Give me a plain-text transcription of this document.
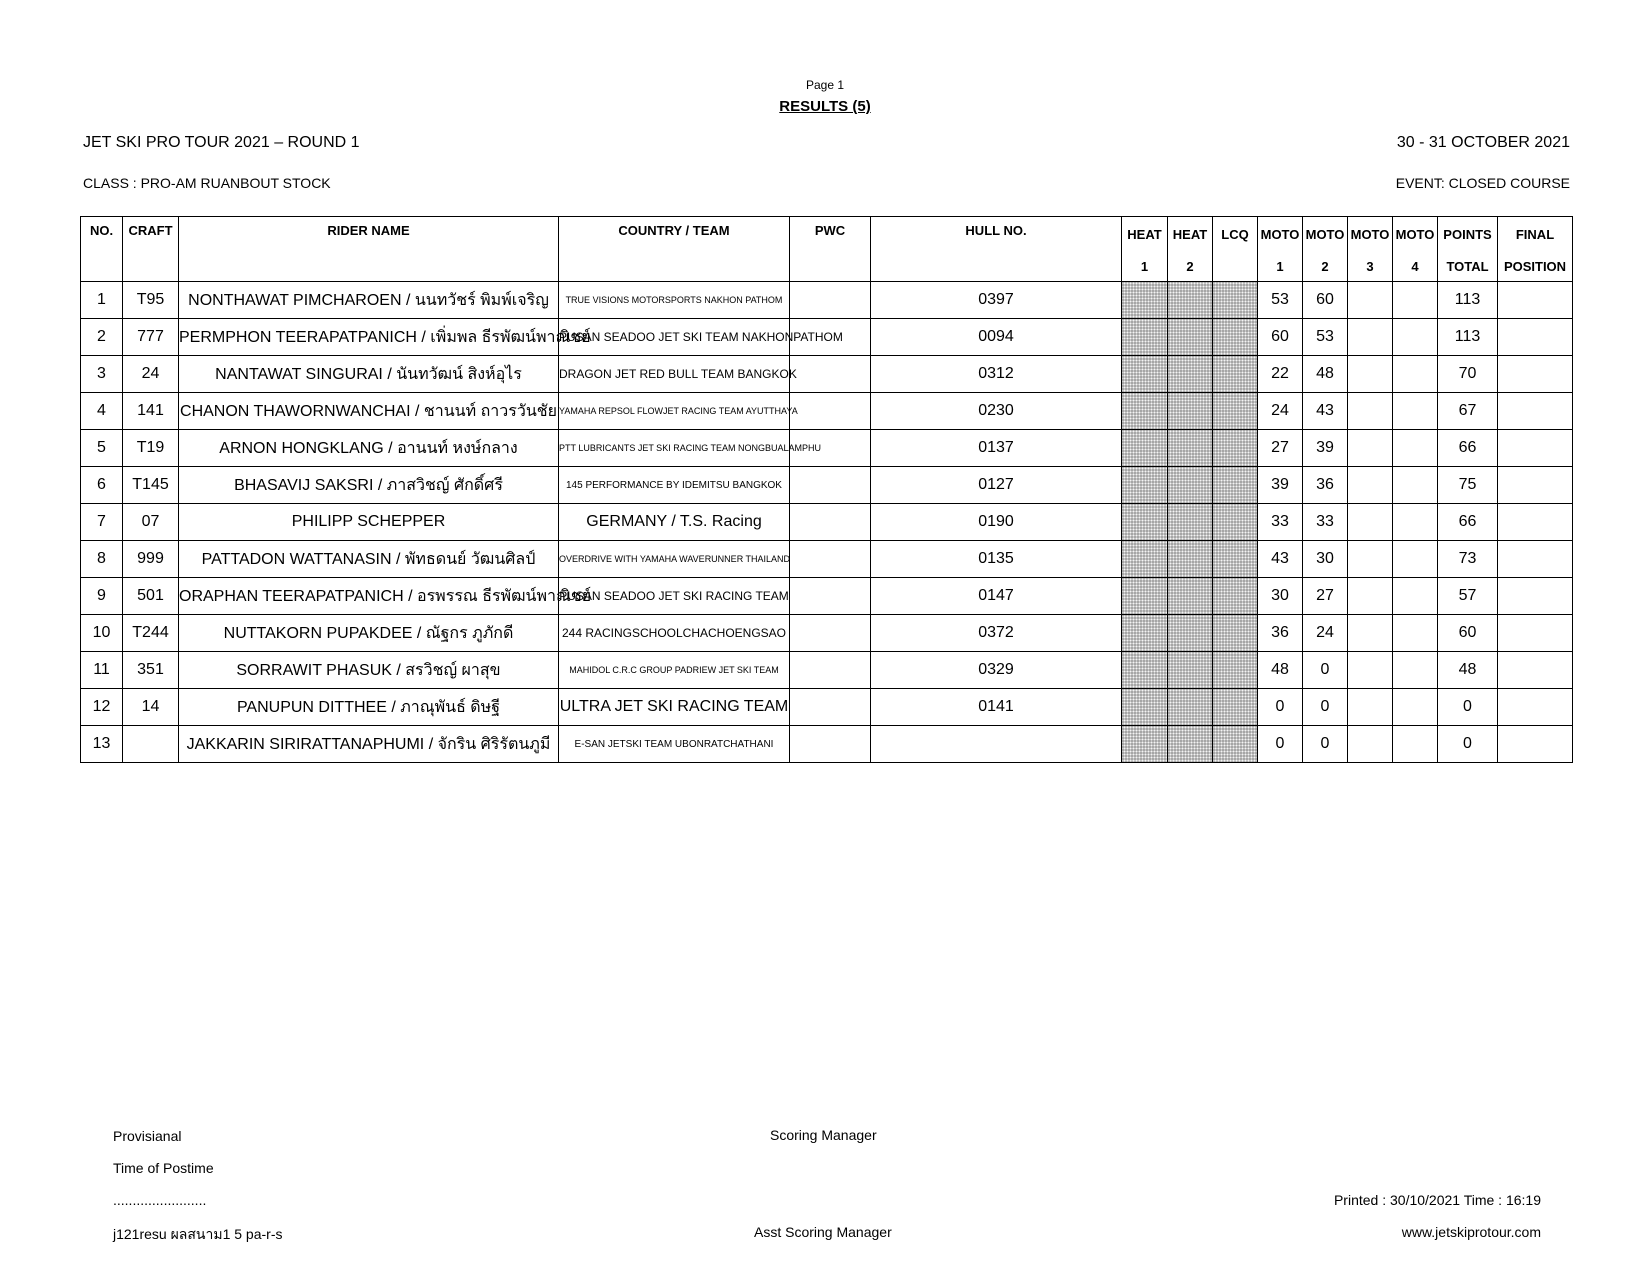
Page 1
RESULTS (5)
JET SKI PRO TOUR 2021 – ROUND 1	30 - 31 OCTOBER 2021
CLASS : PRO-AM RUANBOUT STOCK	EVENT: CLOSED COURSE
NO.	CRAFT	RIDER NAME	COUNTRY / TEAM	PWC	HULL NO.	HEAT	HEAT	LCQ	MOTO	MOTO	MOTO	MOTO	POINTS	FINAL
						1	2		1	2	3	4	TOTAL	POSITION
1	T95	NONTHAWAT PIMCHAROEN / นนทวัชร์ พิมพ์เจริญ	TRUE VISIONS MOTORSPORTS NAKHON PATHOM		0397				53	60			113	
2	777	PERMPHON TEERAPATPANICH / เพิ่มพล ธีรพัฒน์พาณิชย์	PUSAN SEADOO JET SKI TEAM NAKHONPATHOM		0094				60	53			113	
3	24	NANTAWAT SINGURAI / นันทวัฒน์ สิงห์อุไร	DRAGON JET RED BULL TEAM BANGKOK		0312				22	48			70	
4	141	CHANON THAWORNWANCHAI / ชานนท์ ถาวรวันชัย	YAMAHA REPSOL FLOWJET RACING TEAM AYUTTHAYA		0230				24	43			67	
5	T19	ARNON HONGKLANG / อานนท์ หงษ์กลาง	PTT LUBRICANTS JET SKI RACING TEAM NONGBUALAMPHU		0137				27	39			66	
6	T145	BHASAVIJ SAKSRI / ภาสวิชญ์ ศักดิ์ศรี	145 PERFORMANCE BY IDEMITSU BANGKOK		0127				39	36			75	
7	07	PHILIPP SCHEPPER	GERMANY / T.S. Racing		0190				33	33			66	
8	999	PATTADON WATTANASIN / พัทธดนย์ วัฒนศิลป์	OVERDRIVE WITH YAMAHA WAVERUNNER THAILAND		0135				43	30			73	
9	501	ORAPHAN TEERAPATPANICH / อรพรรณ ธีรพัฒน์พาณิชย์	PUSAN SEADOO JET SKI RACING TEAM		0147				30	27			57	
10	T244	NUTTAKORN PUPAKDEE / ณัฐกร ภูภักดี	244 RACINGSCHOOLCHACHOENGSAO		0372				36	24			60	
11	351	SORRAWIT PHASUK / สรวิชญ์ ผาสุข	MAHIDOL C.R.C GROUP PADRIEW JET SKI TEAM		0329				48	0			48	
12	14	PANUPUN DITTHEE / ภาณุพันธ์ ดิษฐี	ULTRA JET SKI RACING TEAM		0141				0	0			0	
13		JAKKARIN SIRIRATTANAPHUMI / จักริน ศิริรัตนภูมี	E-SAN JETSKI TEAM UBONRATCHATHANI						0	0			0	
Provisianal
Time of Postime
........................
j121resu ผลสนาม1 5 pa-r-s
Scoring Manager
Asst Scoring Manager
Printed : 30/10/2021 Time : 16:19
www.jetskiprotour.com
